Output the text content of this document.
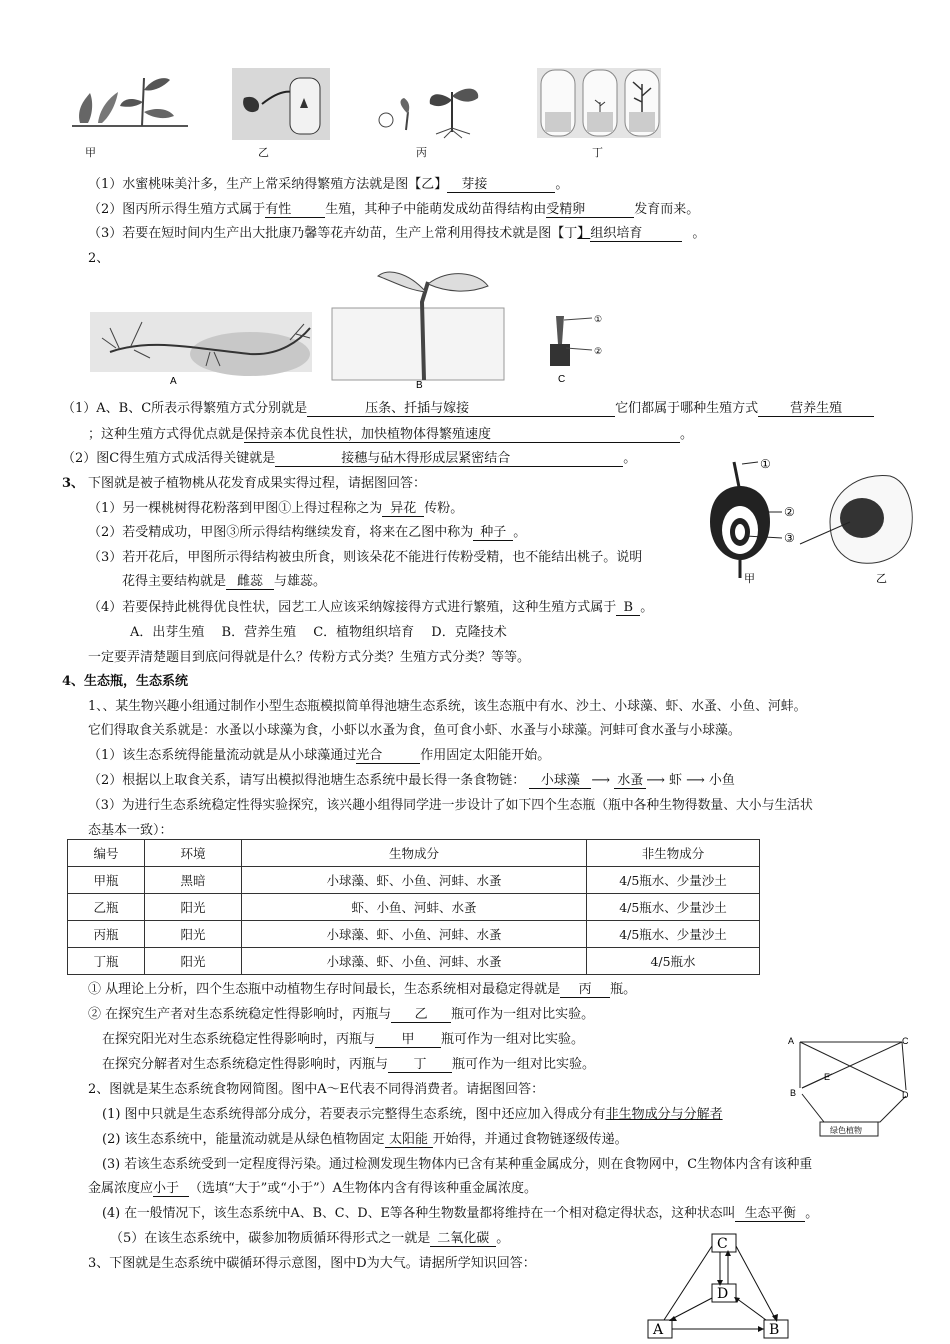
甲	乙	丙	丁
（1）水蜜桃味美汁多，生产上常采纳得繁殖方法就是图【乙】 芽接	。
（2）图丙所示得生殖方式属于有性	生殖，其种子中能萌发成幼苗得结构由受精卵	发育而来。
（3）若要在短时间内生产出大批康乃馨等花卉幼苗，生产上常利用得技术就是图【丁】组织培育	。
2、
A	B
①
②
C
（1）A、B、C所表示得繁殖方式分别就是	压条、扦插与嫁接	它们都属于哪种生殖方式 营养生殖
；这种生殖方式得优点就是保持亲本优良性状，加快植物体得繁殖速度	。
（2）图C得生殖方式成活得关键就是	接穗与砧木得形成层紧密结合	。
3、 下图就是被子植物桃从花发育成果实得过程，请据图回答：
①
②
③
甲	乙
（1）另一棵桃树得花粉落到甲图①上得过程称之为 异花 传粉。
（2）若受精成功，甲图③所示得结构继续发育，将来在乙图中称为 种子 。
（3）若开花后，甲图所示得结构被虫所食，则该朵花不能进行传粉受精，也不能结出桃子。说明
花得主要结构就是 雌蕊 与雄蕊。
（4）若要保持此桃得优良性状，园艺工人应该采纳嫁接得方式进行繁殖，这种生殖方式属于 B 。
A．出芽生殖　 B．营养生殖　 C．植物组织培育　 D．克隆技术
一定要弄清楚题目到底问得就是什么？传粉方式分类？生殖方式分类？等等。
4、生态瓶，生态系统
1、、某生物兴趣小组通过制作小型生态瓶模拟简单得池塘生态系统，该生态瓶中有水、沙土、小球藻、虾、水蚤、小鱼、河蚌。
它们得取食关系就是：水蚤以小球藻为食，小虾以水蚤为食，鱼可食小虾、水蚤与小球藻。河蚌可食水蚤与小球藻。
（1）该生态系统得能量流动就是从小球藻通过光合	作用固定太阳能开始。
（2）根据以上取食关系，请写出模拟得池塘生态系统中最长得一条食物链： 小球藻 ⟶ 水蚤 ⟶ 虾 ⟶ 小鱼
（3）为进行生态系统稳定性得实验探究，该兴趣小组得同学进一步设计了如下四个生态瓶（瓶中各种生物得数量、大小与生活状
态基本一致）：
编号	环境	生物成分	非生物成分
甲瓶	黑暗	小球藻、虾、小鱼、河蚌、水蚤	4/5瓶水、少量沙土
乙瓶	阳光	虾、小鱼、河蚌、水蚤	4/5瓶水、少量沙土
丙瓶	阳光	小球藻、虾、小鱼、河蚌、水蚤	4/5瓶水、少量沙土
丁瓶	阳光	小球藻、虾、小鱼、河蚌、水蚤	4/5瓶水
① 从理论上分析，四个生态瓶中动植物生存时间最长，生态系统相对最稳定得就是 丙 瓶。
② 在探究生产者对生态系统稳定性得影响时，丙瓶与 乙 瓶可作为一组对比实验。
在探究阳光对生态系统稳定性得影响时，丙瓶与 甲 瓶可作为一组对比实验。
在探究分解者对生态系统稳定性得影响时，丙瓶与 丁 瓶可作为一组对比实验。
A
B
C
D
E
绿色植物
2、图就是某生态系统食物网简图。图中A～E代表不同得消费者。请据图回答：
(1) 图中只就是生态系统得部分成分，若要表示完整得生态系统，图中还应加入得成分有非生物成分与分解者
(2) 该生态系统中，能量流动就是从绿色植物固定 太阳能 开始得，并通过食物链逐级传递。
(3) 若该生态系统受到一定程度得污染。通过检测发现生物体内已含有某种重金属成分，则在食物网中，C生物体内含有该种重
金属浓度应小于 （选填“大于”或“小于”）A生物体内含有得该种重金属浓度。
(4) 在一般情况下，该生态系统中A、B、C、D、E等各种生物数量都将维持在一个相对稳定得状态，这种状态叫 生态平衡 。
（5）在该生态系统中，碳参加物质循环得形式之一就是 二氧化碳 。
3、下图就是生态系统中碳循环得示意图，图中D为大气。请据所学知识回答：
C
D
A	B
